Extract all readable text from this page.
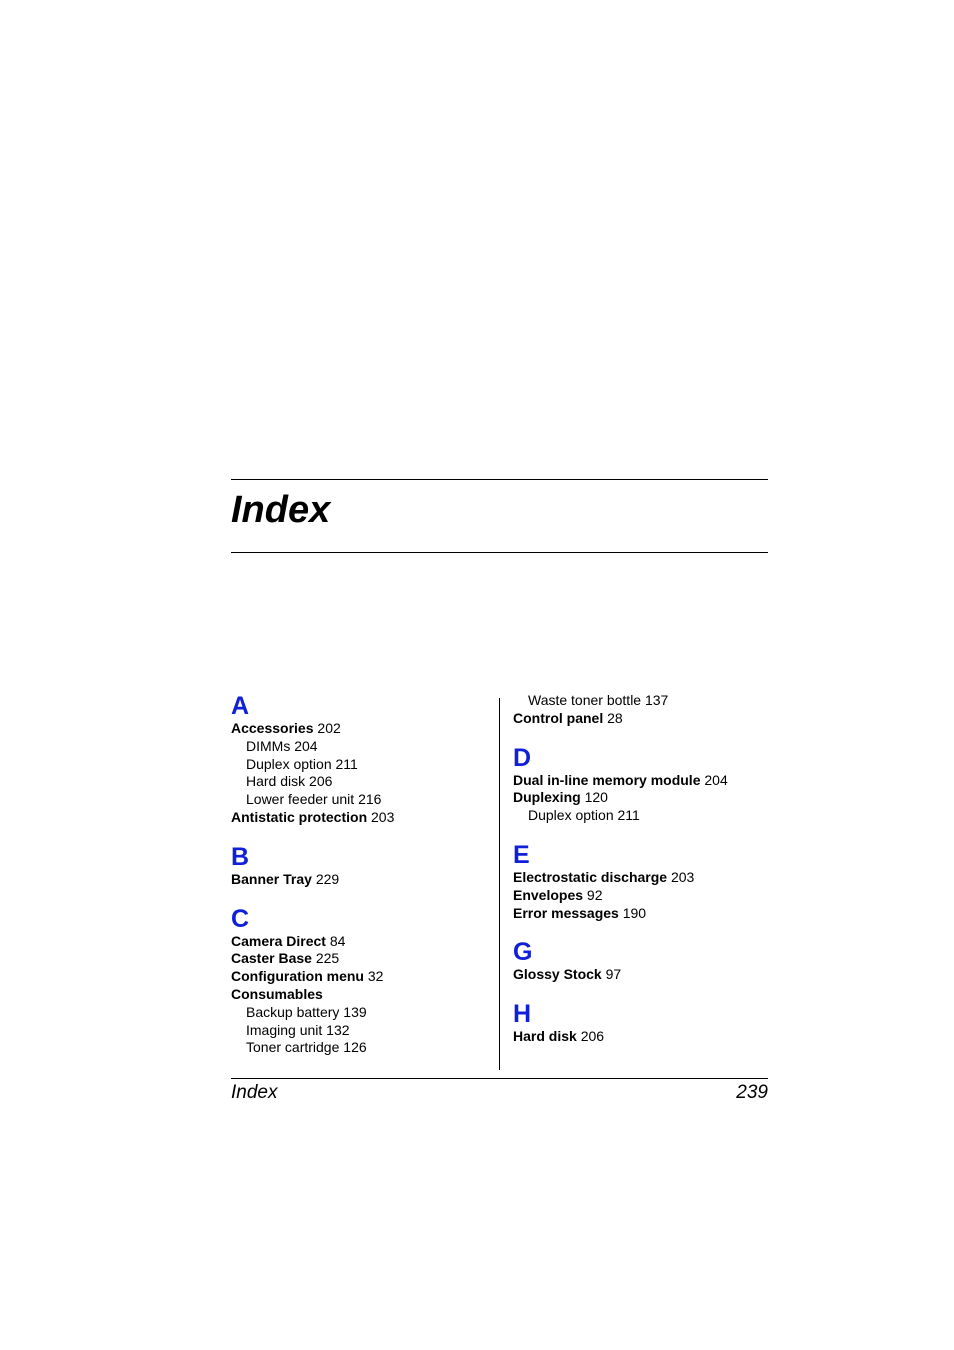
Index
A
Accessories 202
DIMMs 204
Duplex option 211
Hard disk 206
Lower feeder unit 216
Antistatic protection 203
B
Banner Tray 229
C
Camera Direct 84
Caster Base 225
Configuration menu 32
Consumables
Backup battery 139
Imaging unit 132
Toner cartridge 126
Waste toner bottle 137
Control panel 28
D
Dual in-line memory module 204
Duplexing 120
Duplex option 211
E
Electrostatic discharge 203
Envelopes 92
Error messages 190
G
Glossy Stock 97
H
Hard disk 206
Index	239
